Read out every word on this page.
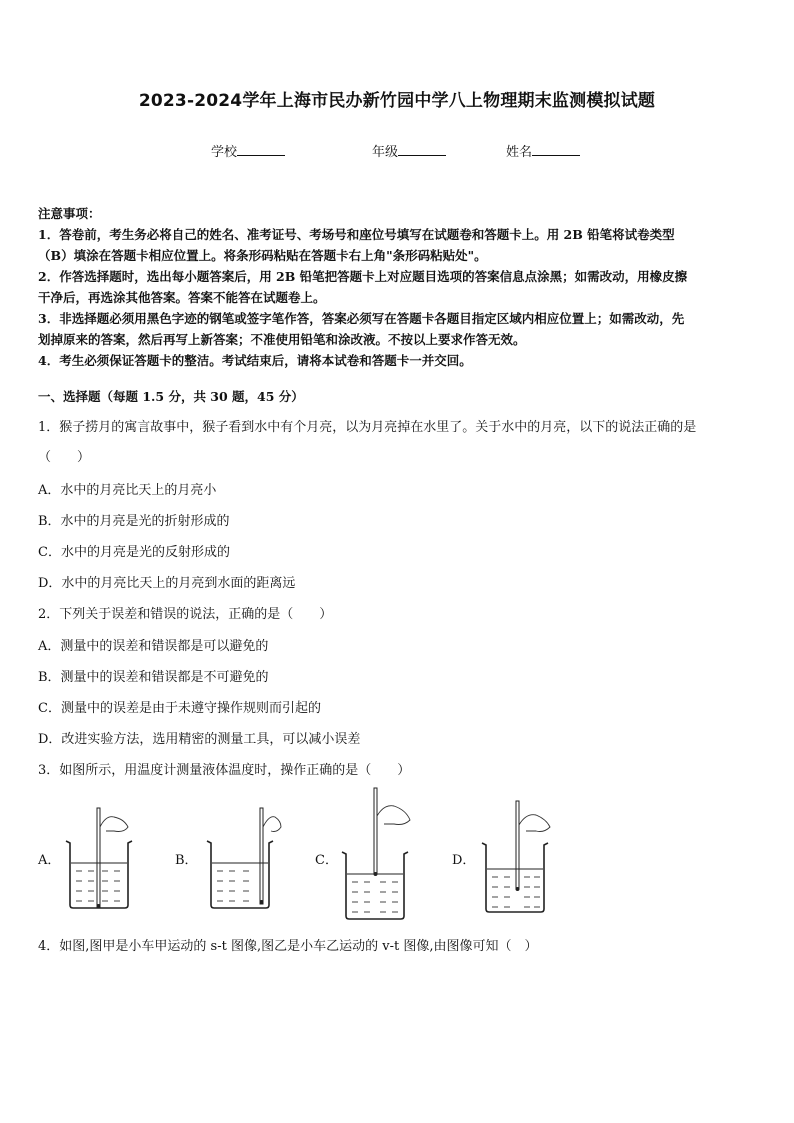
2023-2024学年上海市民办新竹园中学八上物理期末监测模拟试题
学校	年级	姓名

注意事项：

1．答卷前，考生务必将自己的姓名、准考证号、考场号和座位号填写在试题卷和答题卡上。用 2B 铅笔将试卷类型

（B）填涂在答题卡相应位置上。将条形码粘贴在答题卡右上角"条形码粘贴处"。

2．作答选择题时，选出每小题答案后，用 2B 铅笔把答题卡上对应题目选项的答案信息点涂黑；如需改动，用橡皮擦

干净后，再选涂其他答案。答案不能答在试题卷上。

3．非选择题必须用黑色字迹的钢笔或签字笔作答，答案必须写在答题卡各题目指定区域内相应位置上；如需改动，先

划掉原来的答案，然后再写上新答案；不准使用铅笔和涂改液。不按以上要求作答无效。

4．考生必须保证答题卡的整洁。考试结束后，请将本试卷和答题卡一并交回。

一、选择题（每题 1.5 分，共 30 题，45 分）
1．猴子捞月的寓言故事中，猴子看到水中有个月亮，以为月亮掉在水里了。关于水中的月亮，以下的说法正确的是
（　　）
A．水中的月亮比天上的月亮小
B．水中的月亮是光的折射形成的
C．水中的月亮是光的反射形成的
D．水中的月亮比天上的月亮到水面的距离远
2．下列关于误差和错误的说法，正确的是（　　）
A．测量中的误差和错误都是可以避免的
B．测量中的误差和错误都是不可避免的
C．测量中的误差是由于未遵守操作规则而引起的
D．改进实验方法，选用精密的测量工具，可以减小误差
3．如图所示，用温度计测量液体温度时，操作正确的是（　　）
A．	B．	C．	D．
4．如图,图甲是小车甲运动的 s-t 图像,图乙是小车乙运动的 v-t 图像,由图像可知（　）
